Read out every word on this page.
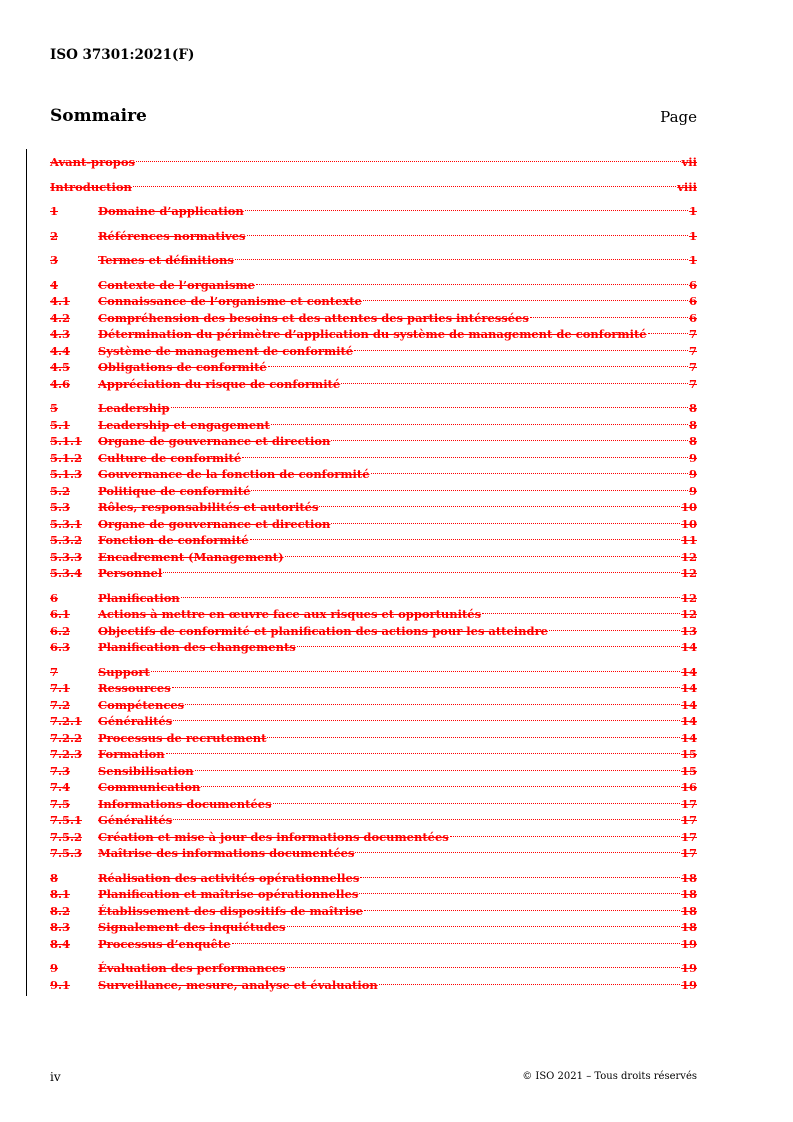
ISO 37301:2021(F)
Sommaire	Page
Avant-propos	vii
Introduction	viii
1	Domaine d’application	1
2	Références normatives	1
3	Termes et définitions	1
4	Contexte de l’organisme	6
4.1	Connaissance de l’organisme et contexte	6
4.2	Compréhension des besoins et des attentes des parties intéressées	6
4.3	Détermination du périmètre d’application du système de management de conformité	7
4.4	Système de management de conformité	7
4.5	Obligations de conformité	7
4.6	Appréciation du risque de conformité	7
5	Leadership	8
5.1	Leadership et engagement	8
5.1.1	Organe de gouvernance et direction	8
5.1.2	Culture de conformité	9
5.1.3	Gouvernance de la fonction de conformité	9
5.2	Politique de conformité	9
5.3	Rôles, responsabilités et autorités	10
5.3.1	Organe de gouvernance et direction	10
5.3.2	Fonction de conformité	11
5.3.3	Encadrement (Management)	12
5.3.4	Personnel	12
6	Planification	12
6.1	Actions à mettre en œuvre face aux risques et opportunités	12
6.2	Objectifs de conformité et planification des actions pour les atteindre	13
6.3	Planification des changements	14
7	Support	14
7.1	Ressources	14
7.2	Compétences	14
7.2.1	Généralités	14
7.2.2	Processus de recrutement	14
7.2.3	Formation	15
7.3	Sensibilisation	15
7.4	Communication	16
7.5	Informations documentées	17
7.5.1	Généralités	17
7.5.2	Création et mise à jour des informations documentées	17
7.5.3	Maîtrise des informations documentées	17
8	Réalisation des activités opérationnelles	18
8.1	Planification et maîtrise opérationnelles	18
8.2	Établissement des dispositifs de maîtrise	18
8.3	Signalement des inquiétudes	18
8.4	Processus d’enquête	19
9	Évaluation des performances	19
9.1	Surveillance, mesure, analyse et évaluation	19
iv	© ISO 2021 – Tous droits réservés
